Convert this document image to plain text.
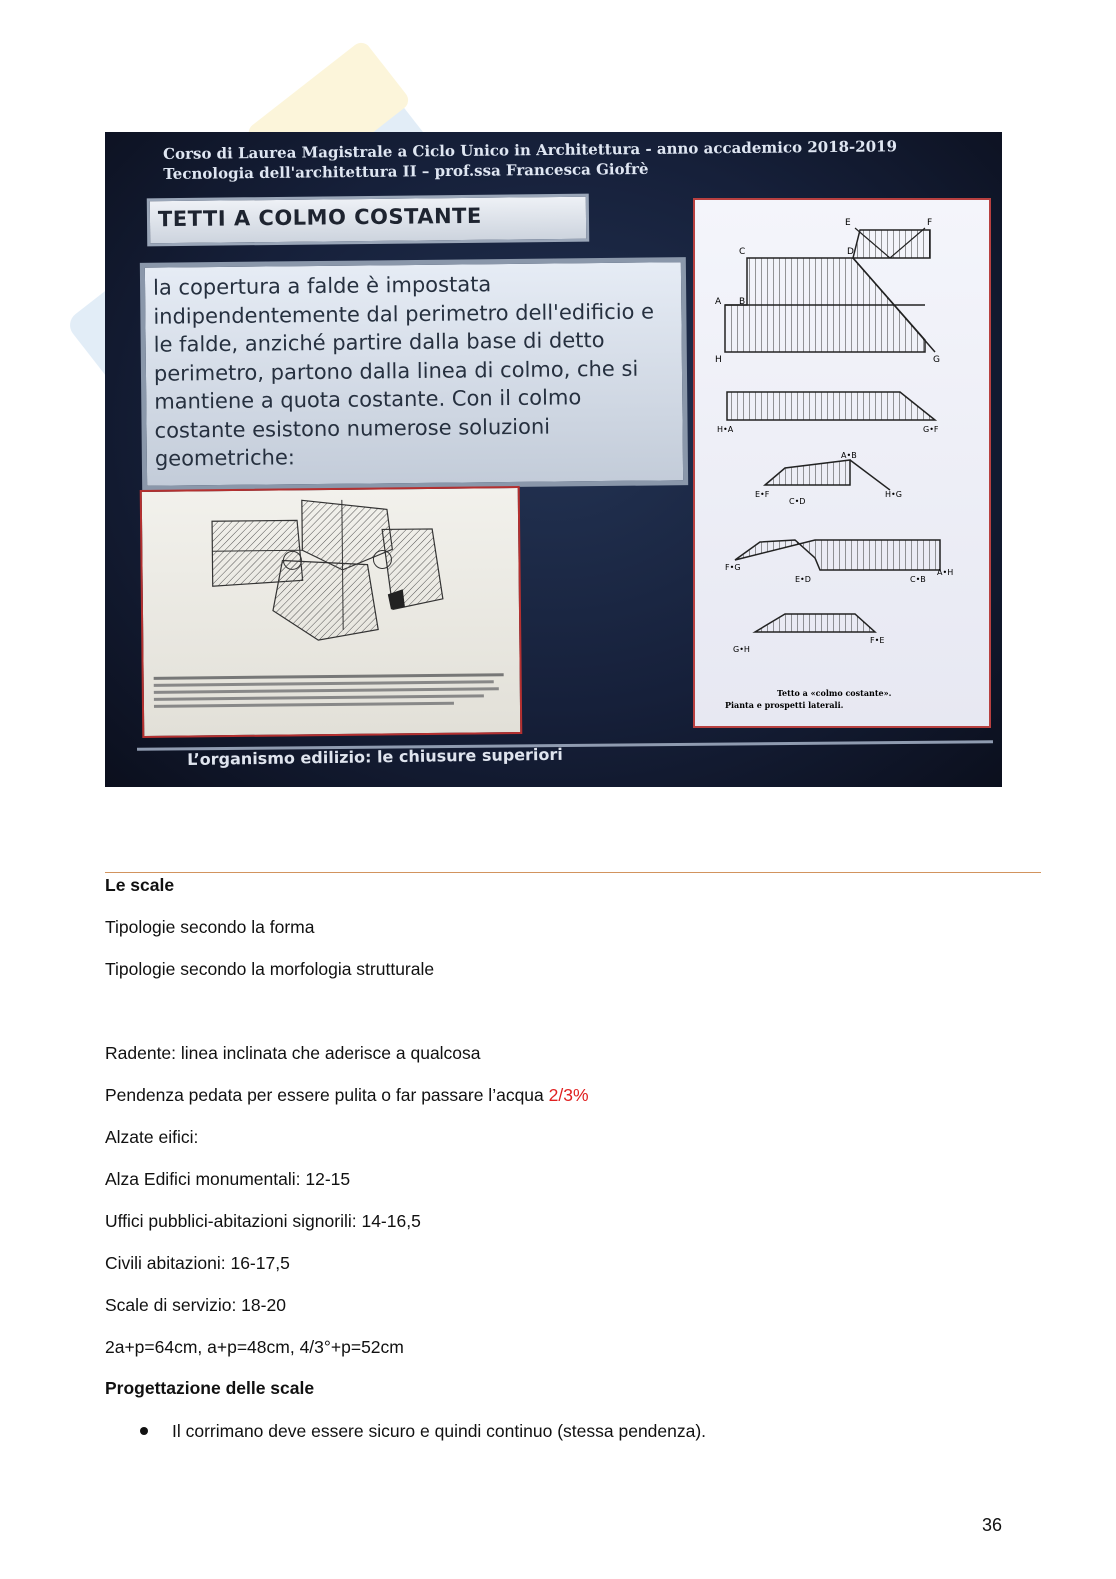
Corso di Laurea Magistrale a Ciclo Unico in Architettura - anno accademico 2018-2019
Tecnologia dell'architettura II – prof.ssa Francesca Giofrè
TETTI A COLMO COSTANTE

la copertura a falde è impostata indipendentemente dal perimetro dell'edificio e le falde, anziché partire dalla base di detto perimetro, partono dalla linea di colmo, che si mantiene a quota costante. Con il colmo costante esistono numerose soluzioni geometriche:

E	F
C	D
A B
H	G
H•A	G•F
A•B
E•F
C•D
H•G
F•G
E•D	C•B
A•H
G•H
F•E
Tetto a «colmo costante».
Pianta e prospetti laterali.
L’organismo edilizio: le chiusure superiori
Le scale
Tipologie secondo la forma
Tipologie secondo la morfologia strutturale
Radente: linea inclinata che aderisce a qualcosa
Pendenza pedata per essere pulita o far passare l’acqua 2/3%
Alzate eifici:
Alza Edifici monumentali: 12-15
Uffici pubblici-abitazioni signorili: 14-16,5
Civili abitazioni: 16-17,5
Scale di servizio: 18-20
2a+p=64cm, a+p=48cm, 4/3°+p=52cm
Progettazione delle scale
Il corrimano deve essere sicuro e quindi continuo (stessa pendenza).
36
